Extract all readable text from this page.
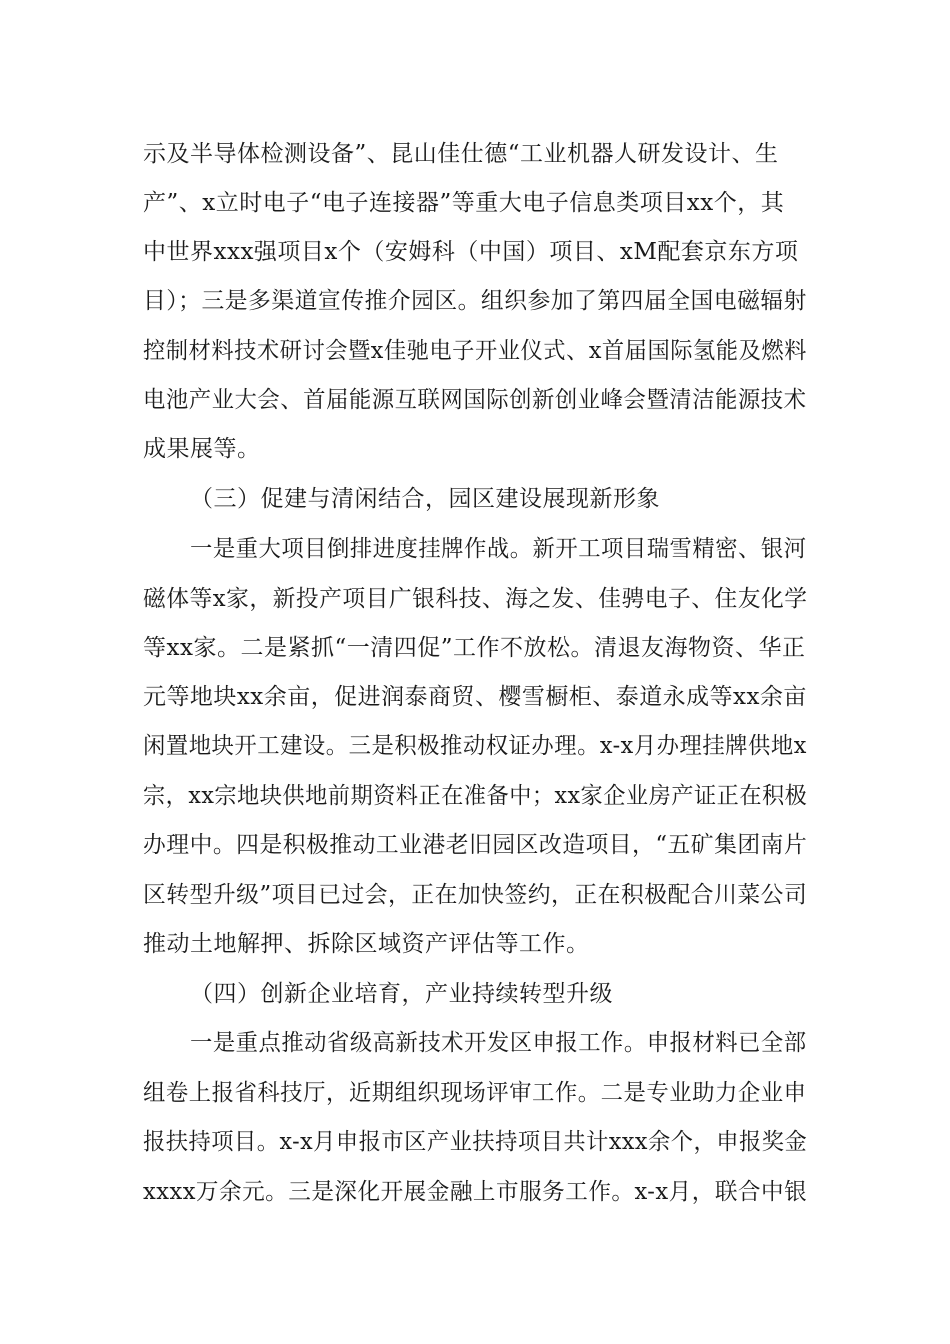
示及半导体检测设备”、昆山佳仕德“工业机器人研发设计、生
产”、x立时电子“电子连接器”等重大电子信息类项目xx个，其
中世界xxx强项目x个（安姆科（中国）项目、xM配套京东方项
目）；三是多渠道宣传推介园区。组织参加了第四届全国电磁辐射
控制材料技术研讨会暨x佳驰电子开业仪式、x首届国际氢能及燃料
电池产业大会、首届能源互联网国际创新创业峰会暨清洁能源技术
成果展等。
（三）促建与清闲结合，园区建设展现新形象
一是重大项目倒排进度挂牌作战。新开工项目瑞雪精密、银河
磁体等x家，新投产项目广银科技、海之发、佳骋电子、住友化学
等xx家。二是紧抓“一清四促”工作不放松。清退友海物资、华正
元等地块xx余亩，促进润泰商贸、樱雪橱柜、泰道永成等xx余亩
闲置地块开工建设。三是积极推动权证办理。x-x月办理挂牌供地x
宗，xx宗地块供地前期资料正在准备中；xx家企业房产证正在积极
办理中。四是积极推动工业港老旧园区改造项目，“五矿集团南片
区转型升级”项目已过会，正在加快签约，正在积极配合川菜公司
推动土地解押、拆除区域资产评估等工作。
（四）创新企业培育，产业持续转型升级
一是重点推动省级高新技术开发区申报工作。申报材料已全部
组卷上报省科技厅，近期组织现场评审工作。二是专业助力企业申
报扶持项目。x-x月申报市区产业扶持项目共计xxx余个，申报奖金
xxxx万余元。三是深化开展金融上市服务工作。x-x月，联合中银
